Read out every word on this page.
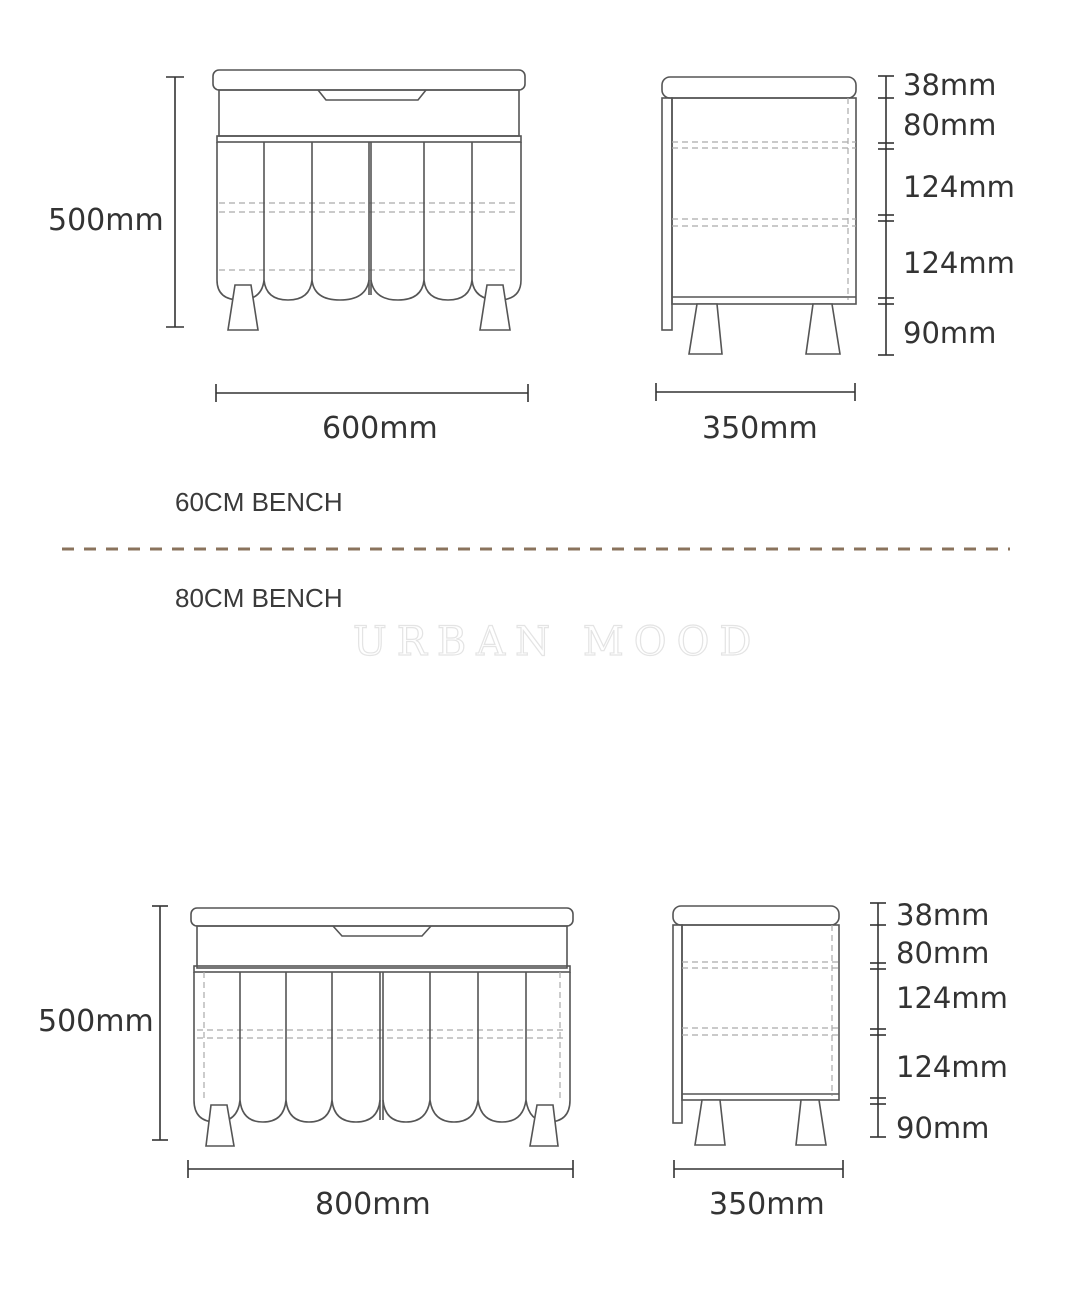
500mm
600mm
38mm
80mm
124mm
124mm
90mm
350mm
60CM BENCH
80CM BENCH
URBAN MOOD
500mm
800mm
38mm
80mm
124mm
124mm
90mm
350mm
